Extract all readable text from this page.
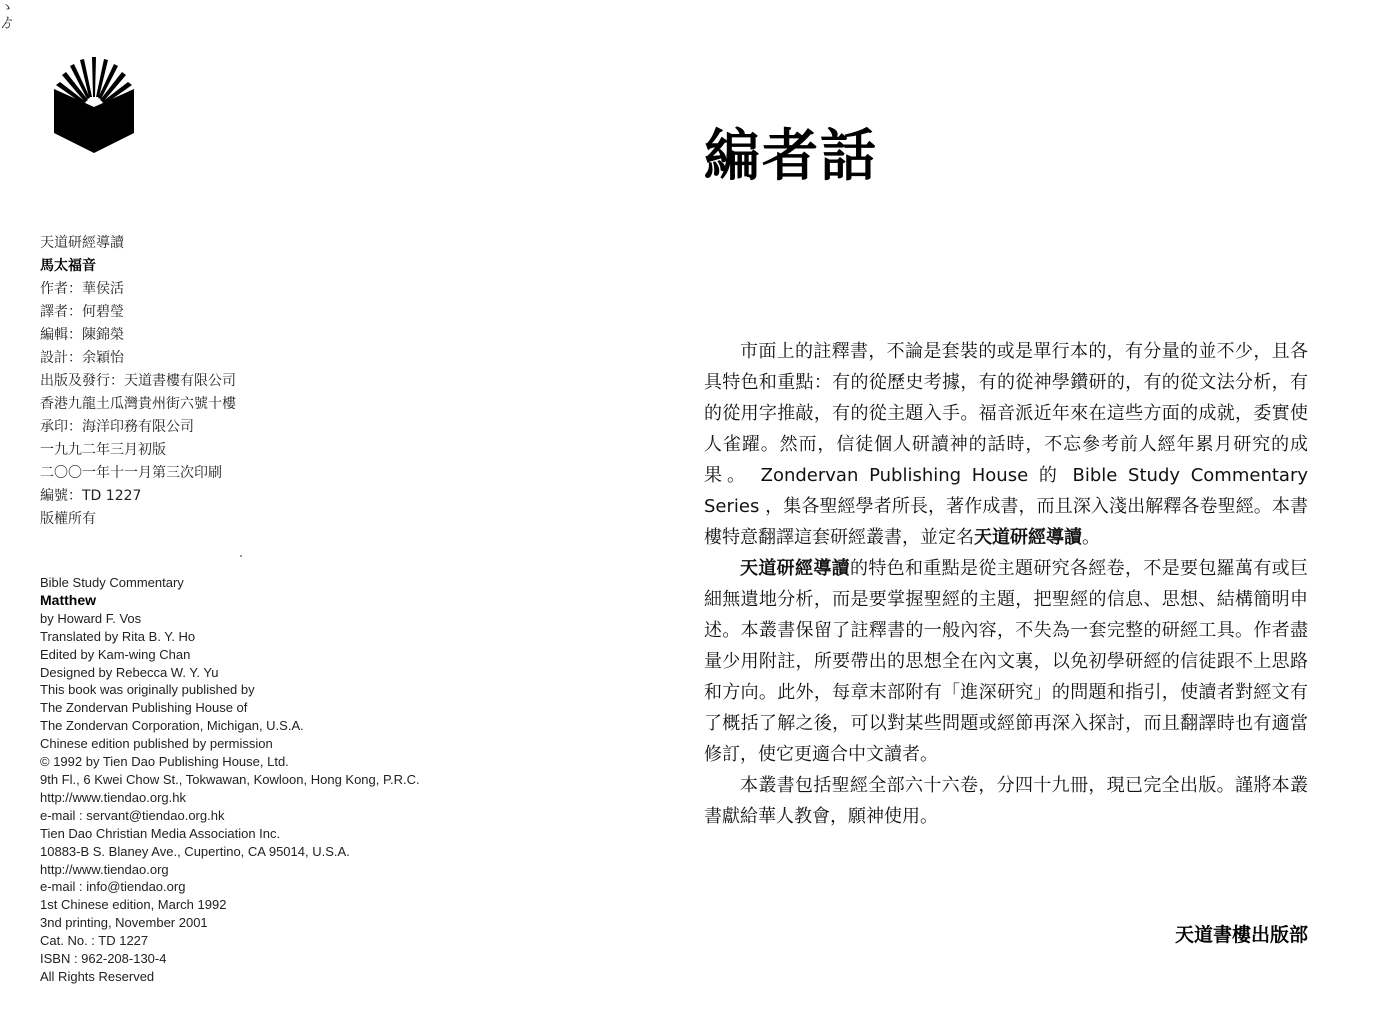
ゝ
ゟ
天道研經導讀
馬太福音
作者：華侯活
譯者：何碧瑩
編輯：陳錦榮
設計：余穎怡
出版及發行：天道書樓有限公司
香港九龍土瓜灣貴州街六號十樓
承印：海洋印務有限公司
一九九二年三月初版
二〇〇一年十一月第三次印刷
編號：TD 1227
版權所有
Bible Study Commentary
Matthew
by Howard F. Vos
Translated by Rita B. Y. Ho
Edited by Kam-wing Chan
Designed by Rebecca W. Y. Yu
This book was originally published by
The Zondervan Publishing House of
The Zondervan Corporation, Michigan, U.S.A.
Chinese edition published by permission
© 1992 by Tien Dao Publishing House, Ltd.
9th Fl., 6 Kwei Chow St., Tokwawan, Kowloon, Hong Kong, P.R.C.
http://www.tiendao.org.hk
e-mail : servant@tiendao.org.hk
Tien Dao Christian Media Association Inc.
10883-B S. Blaney Ave., Cupertino, CA 95014, U.S.A.
http://www.tiendao.org
e-mail : info@tiendao.org
1st Chinese edition, March 1992
3nd printing, November 2001
Cat. No. : TD 1227
ISBN : 962-208-130-4
All Rights Reserved
編者話

市面上的註釋書，不論是套裝的或是單行本的，有分量的並不少，且各具特色和重點：有的從歷史考據，有的從神學鑽研的，有的從文法分析，有的從用字推敲，有的從主題入手。福音派近年來在這些方面的成就，委實使人雀躍。然而，信徒個人研讀神的話時，不忘參考前人經年累月研究的成果。 Zondervan Publishing House 的 Bible Study Commentary Series ，集各聖經學者所長，著作成書，而且深入淺出解釋各卷聖經。本書樓特意翻譯這套研經叢書，並定名天道研經導讀。

天道研經導讀的特色和重點是從主題研究各經卷，不是要包羅萬有或巨細無遺地分析，而是要掌握聖經的主題，把聖經的信息、思想、結構簡明申述。本叢書保留了註釋書的一般內容，不失為一套完整的研經工具。作者盡量少用附註，所要帶出的思想全在內文裏，以免初學研經的信徒跟不上思路和方向。此外，每章末部附有「進深研究」的問題和指引，使讀者對經文有了概括了解之後，可以對某些問題或經節再深入探討，而且翻譯時也有適當修訂，使它更適合中文讀者。

本叢書包括聖經全部六十六卷，分四十九冊，現已完全出版。謹將本叢書獻給華人教會，願神使用。

天道書樓出版部
